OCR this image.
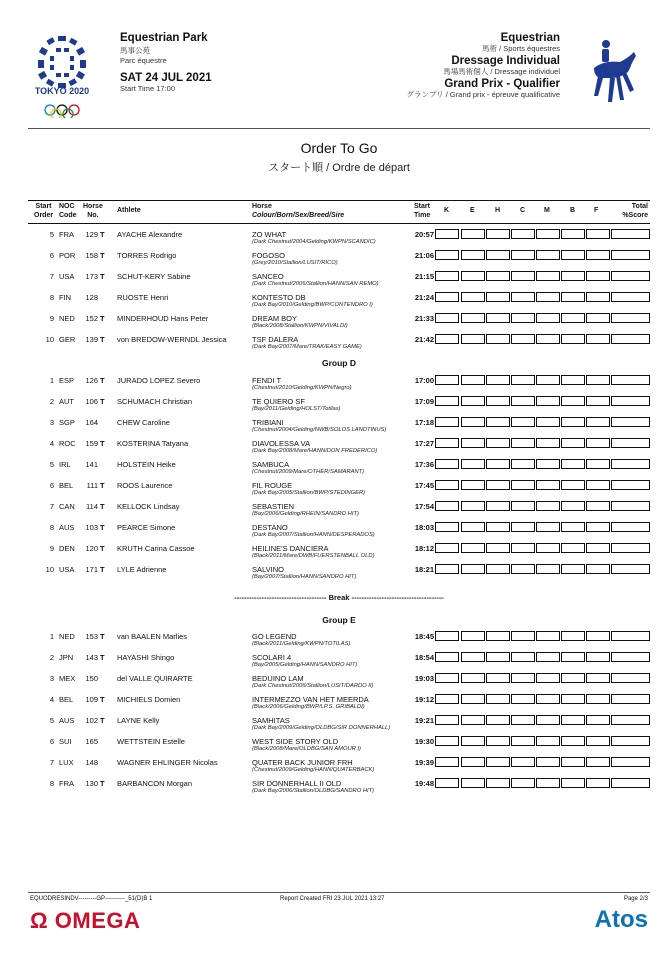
TOKYO 2020
Equestrian Park
馬事公苑
Parc équestre
SAT 24 JUL 2021
Start Time 17:00
Equestrian
馬術 / Sports équestres
Dressage Individual
馬場馬術個人 / Dressage individuel
Grand Prix - Qualifier
グランプリ / Grand prix - épreuve qualificative
Order To Go
スタート順 / Ordre de départ
Start
Order
NOC
Code
Horse
No.
Athlete
Horse
Colour/Born/Sex/Breed/Sire
Start
Time
K	E	H	C	M	B	F
Total
%Score
5 FRA	129 T AYACHE Alexandre	ZO WHAT
(Dark Chestnut/2004/Gelding/KWPN/SCANDIC)
20:57
6 POR	158 T TORRES Rodrigo	FOGOSO
(Grey/2010/Stallion/LUSIT/RICO)
21:06
7 USA	173 T SCHUT-KERY Sabine	SANCEO
(Dark Chestnut/2006/Stallion/HANN/SAN REMO)
21:15
8 FIN	128	RUOSTE Henri	KONTESTO DB
(Dark Bay/2010/Gelding/BWP/CONTENDRO I)
21:24
9 NED	152 T MINDERHOUD Hans Peter	DREAM BOY
(Black/2008/Stallion/KWPN/VIVALDI)
21:33
10 GER	139 T von BREDOW-WERNDL Jessica	TSF DALERA
(Dark Bay/2007/Mare/TRAK/EASY GAME)
21:42
Group D
1 ESP	126 T JURADO LOPEZ Severo	FENDI T
(Chestnut/2010/Gelding/KWPN/Negro)
17:00
2 AUT	106 T SCHUMACH Christian	TE QUIERO SF
(Bay/2011/Gelding/HOLST/Totilas)
17:09
3 SGP	164	CHEW Caroline	TRIBIANI
(Chestnut/2004/Gelding/NWB/SOLOS LANDTINUS)
17:18
4 ROC	159 T KOSTERINA Tatyana	DIAVOLESSA VA
(Dark Bay/2008/Mare/HANN/DON FREDERICO)
17:27
5 IRL	141	HOLSTEIN Heike	SAMBUCA
(Chestnut/2009/Mare/OTHER/SAMARANT)
17:36
6 BEL	111 T ROOS Laurence	FIL ROUGE
(Dark Bay/2005/Stallion/BWP/STEDINGER)
17:45
7 CAN	114 T KELLOCK Lindsay	SEBASTIEN
(Bay/2006/Gelding/RHEIN/SANDRO HIT)
17:54
8 AUS	103 T PEARCE Simone	DESTANO
(Dark Bay/2007/Stallion/HANN/DESPERADOS)
18:03
9 DEN	120 T KRUTH Carina Cassoe	HEILINE'S DANCIERA
(Black/2011/Mare/DWB/FUERSTENBALL OLD)
18:12
10 USA	171 T LYLE Adrienne	SALVINO
(Bay/2007/Stallion/HANN/SANDRO HIT)
18:21
------------------------------------- Break -------------------------------------
Group E
1 NED	153 T van BAALEN Marlies	GO LEGEND
(Black/2011/Gelding/KWPN/TOTILAS)
18:45
2 JPN	143 T HAYASHI Shingo	SCOLARI 4
(Bay/2005/Gelding/HANN/SANDRO HIT)
18:54
3 MEX	150	del VALLE QUIRARTE	BEDUINO LAM
(Dark Chestnut/2006/Stallion/LUSIT/DARDO II)
19:03
4 BEL	109 T MICHIELS Domien	INTERMEZZO VAN HET MEERDA
(Black/2006/Gelding/BWP/I.P.S. GRIBALDI)
19:12
5 AUS	102 T LAYNE Kelly	SAMHITAS
(Dark Bay/2009/Gelding/OLDBG/SIR DONNERHALL)
19:21
6 SUI	165	WETTSTEIN Estelle	WEST SIDE STORY OLD
(Black/2008/Mare/OLDBG/SAN AMOUR I)
19:30
7 LUX	148	WAGNER EHLINGER Nicolas	QUATER BACK JUNIOR FRH
(Chestnut/2009/Gelding/HANN/QUATERBACK)
19:39
8 FRA	130 T BARBANCON Morgan	SIR DONNERHALL II OLD
(Dark Bay/2006/Stallion/OLDBG/SANDRO HIT)
19:48
EQUODRESINDV---------GP----------_51(D)B 1	Report Created FRI 23 JUL 2021 13:27	Page 2/3
Ω OMEGA	Atos
